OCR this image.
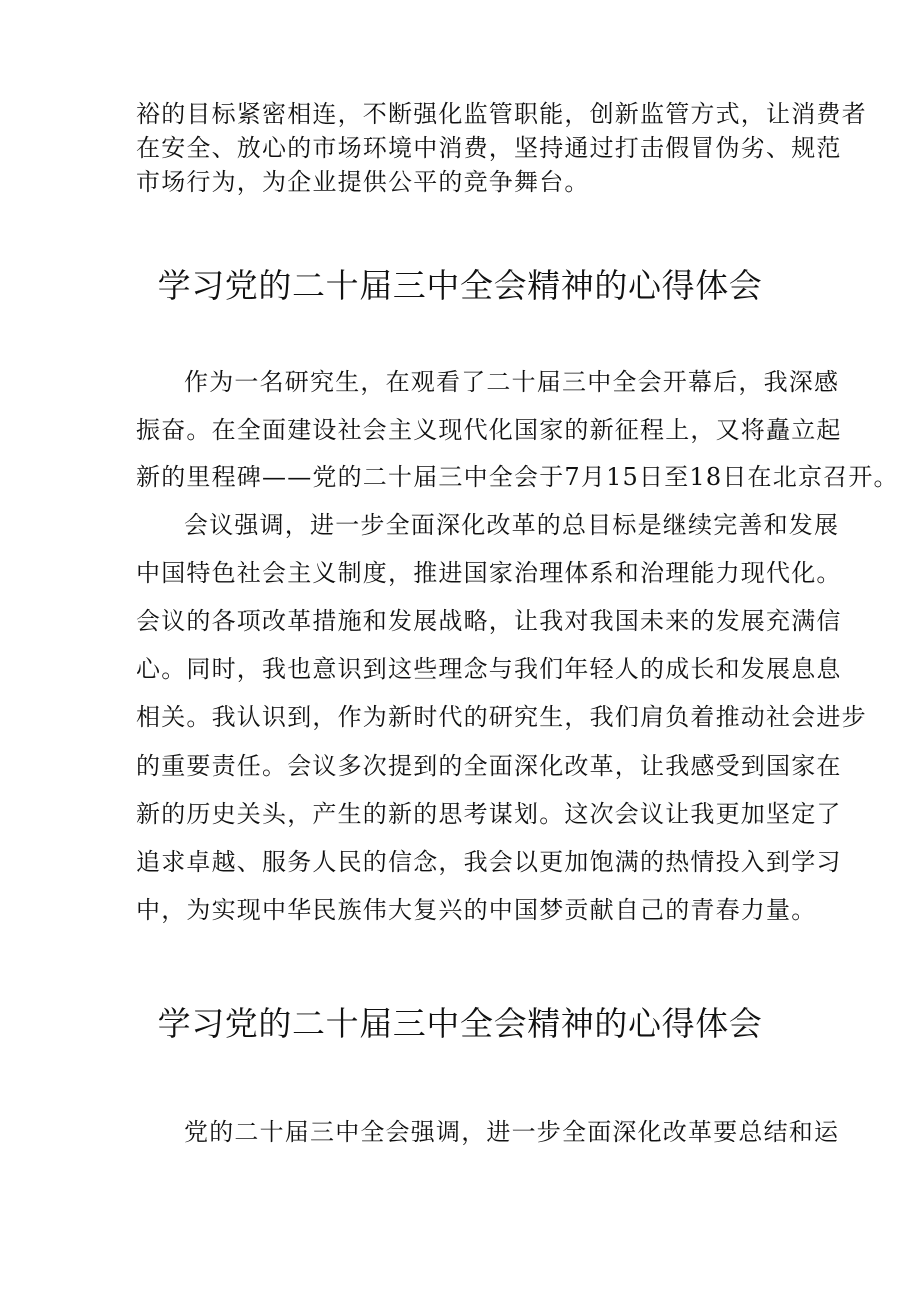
裕的目标紧密相连，不断强化监管职能，创新监管方式，让消费者
在安全、放心的市场环境中消费，坚持通过打击假冒伪劣、规范
市场行为，为企业提供公平的竞争舞台。
学习党的二十届三中全会精神的心得体会
作为一名研究生，在观看了二十届三中全会开幕后，我深感
振奋。在全面建设社会主义现代化国家的新征程上，又将矗立起
新的里程碑——党的二十届三中全会于7月15日至18日在北京召开。
会议强调，进一步全面深化改革的总目标是继续完善和发展
中国特色社会主义制度，推进国家治理体系和治理能力现代化。
会议的各项改革措施和发展战略，让我对我国未来的发展充满信
心。同时，我也意识到这些理念与我们年轻人的成长和发展息息
相关。我认识到，作为新时代的研究生，我们肩负着推动社会进步
的重要责任。会议多次提到的全面深化改革，让我感受到国家在
新的历史关头，产生的新的思考谋划。这次会议让我更加坚定了
追求卓越、服务人民的信念，我会以更加饱满的热情投入到学习
中，为实现中华民族伟大复兴的中国梦贡献自己的青春力量。
学习党的二十届三中全会精神的心得体会
党的二十届三中全会强调，进一步全面深化改革要总结和运
